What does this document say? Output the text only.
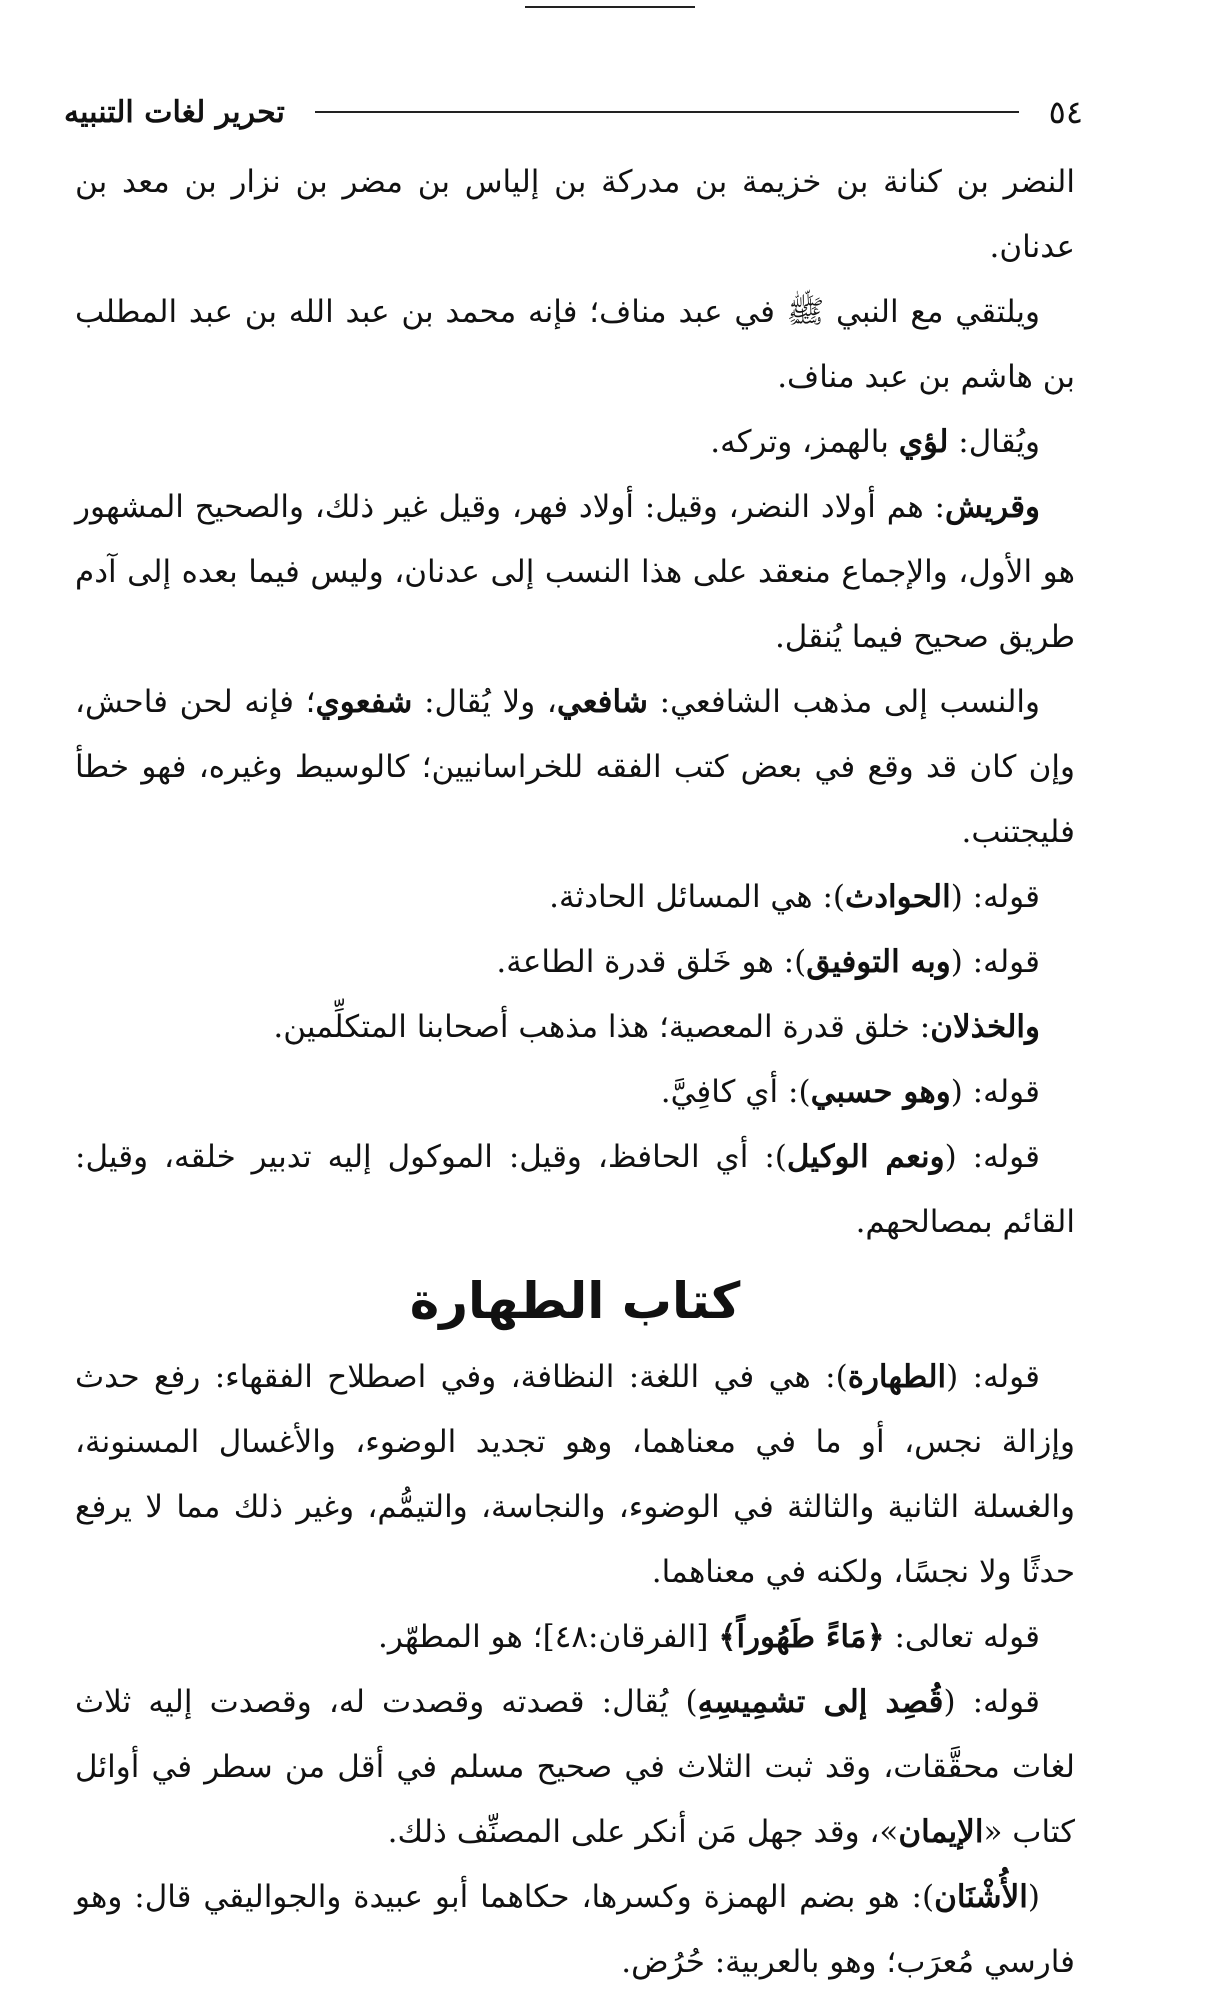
٥٤
تحرير لغات التنبيه

النضر بن كنانة بن خزيمة بن مدركة بن إلياس بن مضر بن نزار بن معد بن عدنان.

ويلتقي مع النبي ﷺ في عبد مناف؛ فإنه محمد بن عبد الله بن عبد المطلب بن هاشم بن عبد مناف.

ويُقال: لؤي بالهمز، وتركه.

وقريش: هم أولاد النضر، وقيل: أولاد فهر، وقيل غير ذلك، والصحيح المشهور هو الأول، والإجماع منعقد على هذا النسب إلى عدنان، وليس فيما بعده إلى آدم طريق صحيح فيما يُنقل.

والنسب إلى مذهب الشافعي: شافعي، ولا يُقال: شفعوي؛ فإنه لحن فاحش، وإن كان قد وقع في بعض كتب الفقه للخراسانيين؛ كالوسيط وغيره، فهو خطأ فليجتنب.

قوله: (الحوادث): هي المسائل الحادثة.

قوله: (وبه التوفيق): هو خَلق قدرة الطاعة.

والخذلان: خلق قدرة المعصية؛ هذا مذهب أصحابنا المتكلِّمين.

قوله: (وهو حسبي): أي كافِيَّ.

قوله: (ونعم الوكيل): أي الحافظ، وقيل: الموكول إليه تدبير خلقه، وقيل: القائم بمصالحهم.

كتاب الطهارة

قوله: (الطهارة): هي في اللغة: النظافة، وفي اصطلاح الفقهاء: رفع حدث وإزالة نجس، أو ما في معناهما، وهو تجديد الوضوء، والأغسال المسنونة، والغسلة الثانية والثالثة في الوضوء، والنجاسة، والتيمُّم، وغير ذلك مما لا يرفع حدثًا ولا نجسًا، ولكنه في معناهما.

قوله تعالى: ﴿مَاءً طَهُوراً﴾ [الفرقان:٤٨]؛ هو المطهّر.

قوله: (قُصِد إلى تشمِيسِهِ) يُقال: قصدته وقصدت له، وقصدت إليه ثلاث لغات محقَّقات، وقد ثبت الثلاث في صحيح مسلم في أقل من سطر في أوائل كتاب «الإيمان»، وقد جهل مَن أنكر على المصنِّف ذلك.

(الأُشْنَان): هو بضم الهمزة وكسرها، حكاهما أبو عبيدة والجواليقي قال: وهو فارسي مُعرَب؛ وهو بالعربية: حُرُض.
